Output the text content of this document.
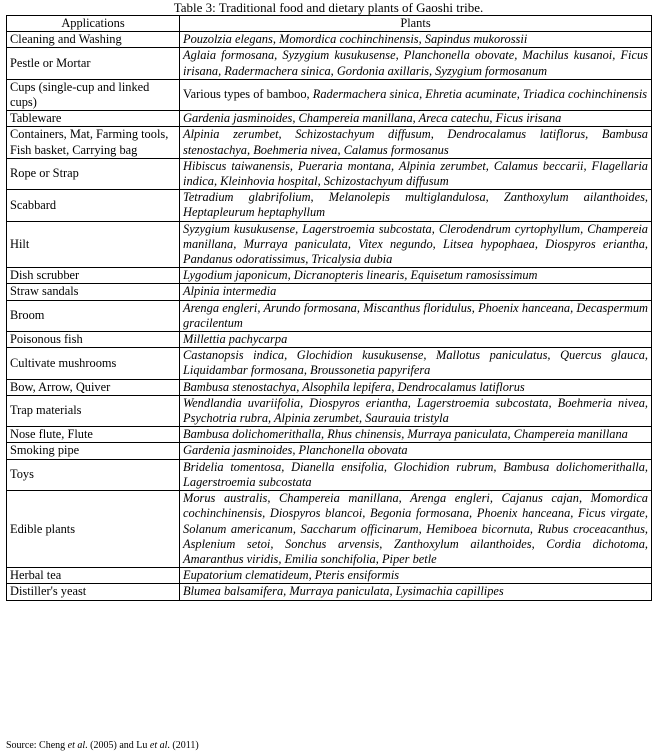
Table 3: Traditional food and dietary plants of Gaoshi tribe.
Applications	Plants
Cleaning and Washing	Pouzolzia elegans, Momordica cochinchinensis, Sapindus mukorossii
Pestle or Mortar	Aglaia formosana, Syzygium kusukusense, Planchonella obovate, Machilus kusanoi, Ficus irisana, Radermachera sinica, Gordonia axillaris, Syzygium formosanum
Cups (single-cup and linked cups)	Various types of bamboo, Radermachera sinica, Ehretia acuminate, Triadica cochinchinensis
Tableware	Gardenia jasminoides, Champereia manillana, Areca catechu, Ficus irisana
Containers, Mat, Farming tools, Fish basket, Carrying bag	Alpinia zerumbet, Schizostachyum diffusum, Dendrocalamus latiflorus, Bambusa stenostachya, Boehmeria nivea, Calamus formosanus
Rope or Strap	Hibiscus taiwanensis, Pueraria montana, Alpinia zerumbet, Calamus beccarii, Flagellaria indica, Kleinhovia hospital, Schizostachyum diffusum
Scabbard	Tetradium glabrifolium, Melanolepis multiglandulosa, Zanthoxylum ailanthoides, Heptapleurum heptaphyllum
Hilt	Syzygium kusukusense, Lagerstroemia subcostata, Clerodendrum cyrtophyllum, Champereia manillana, Murraya paniculata, Vitex negundo, Litsea hypophaea, Diospyros eriantha, Pandanus odoratissimus, Tricalysia dubia
Dish scrubber	Lygodium japonicum, Dicranopteris linearis, Equisetum ramosissimum
Straw sandals	Alpinia intermedia
Broom	Arenga engleri, Arundo formosana, Miscanthus floridulus, Phoenix hanceana, Decaspermum gracilentum
Poisonous fish	Millettia pachycarpa
Cultivate mushrooms	Castanopsis indica, Glochidion kusukusense, Mallotus paniculatus, Quercus glauca, Liquidambar formosana, Broussonetia papyrifera
Bow, Arrow, Quiver	Bambusa stenostachya, Alsophila lepifera, Dendrocalamus latiflorus
Trap materials	Wendlandia uvariifolia, Diospyros eriantha, Lagerstroemia subcostata, Boehmeria nivea, Psychotria rubra, Alpinia zerumbet, Saurauia tristyla
Nose flute, Flute	Bambusa dolichomerithalla, Rhus chinensis, Murraya paniculata, Champereia manillana
Smoking pipe	Gardenia jasminoides, Planchonella obovata
Toys	Bridelia tomentosa, Dianella ensifolia, Glochidion rubrum, Bambusa dolichomerithalla, Lagerstroemia subcostata
Edible plants	Morus australis, Champereia manillana, Arenga engleri, Cajanus cajan, Momordica cochinchinensis, Diospyros blancoi, Begonia formosana, Phoenix hanceana, Ficus virgate, Solanum americanum, Saccharum officinarum, Hemiboea bicornuta, Rubus croceacanthus, Asplenium setoi, Sonchus arvensis, Zanthoxylum ailanthoides, Cordia dichotoma, Amaranthus viridis, Emilia sonchifolia, Piper betle
Herbal tea	Eupatorium clematideum, Pteris ensiformis
Distiller's yeast	Blumea balsamifera, Murraya paniculata, Lysimachia capillipes
Source: Cheng et al. (2005) and Lu et al. (2011)
